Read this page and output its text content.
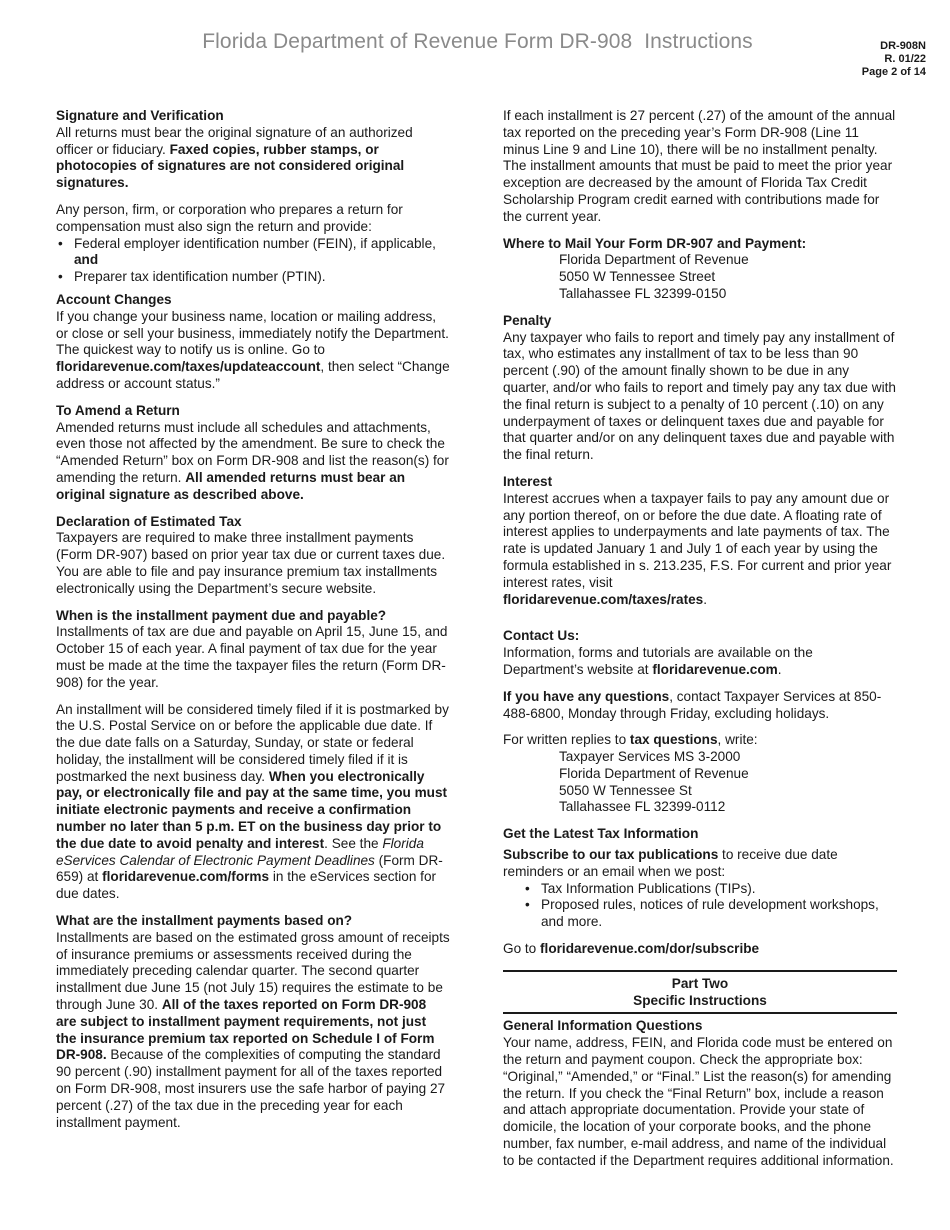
Florida Department of Revenue Form DR-908  Instructions	DR-908N
R. 01/22
Page 2 of 14
Signature and Verification

All returns must bear the original signature of an authorized officer or fiduciary. Faxed copies, rubber stamps, or photocopies of signatures are not considered original signatures.

Any person, firm, or corporation who prepares a return for compensation must also sign the return and provide:

• Federal employer identification number (FEIN), if applicable, and
• Preparer tax identification number (PTIN).
Account Changes

If you change your business name, location or mailing address, or close or sell your business, immediately notify the Department. The quickest way to notify us is online. Go to floridarevenue.com/taxes/updateaccount, then select “Change address or account status.”

To Amend a Return

Amended returns must include all schedules and attachments, even those not affected by the amendment. Be sure to check the “Amended Return” box on Form DR-908 and list the reason(s) for amending the return. All amended returns must bear an original signature as described above.

Declaration of Estimated Tax

Taxpayers are required to make three installment payments (Form DR-907) based on prior year tax due or current taxes due. You are able to file and pay insurance premium tax installments electronically using the Department’s secure website.

When is the installment payment due and payable?

Installments of tax are due and payable on April 15, June 15, and October 15 of each year. A final payment of tax due for the year must be made at the time the taxpayer files the return (Form DR-908) for the year.

An installment will be considered timely filed if it is postmarked by the U.S. Postal Service on or before the applicable due date. If the due date falls on a Saturday, Sunday, or state or federal holiday, the installment will be considered timely filed if it is postmarked the next business day. When you electronically pay, or electronically file and pay at the same time, you must initiate electronic payments and receive a confirmation number no later than 5 p.m. ET on the business day prior to the due date to avoid penalty and interest. See the Florida eServices Calendar of Electronic Payment Deadlines (Form DR-659) at floridarevenue.com/forms in the eServices section for due dates.

What are the installment payments based on?

Installments are based on the estimated gross amount of receipts of insurance premiums or assessments received during the immediately preceding calendar quarter. The second quarter installment due June 15 (not July 15) requires the estimate to be through June 30. All of the taxes reported on Form DR-908 are subject to installment payment requirements, not just the insurance premium tax reported on Schedule I of Form DR-908. Because of the complexities of computing the standard 90 percent (.90) installment payment for all of the taxes reported on Form DR-908, most insurers use the safe harbor of paying 27 percent (.27) of the tax due in the preceding year for each installment payment.

If each installment is 27 percent (.27) of the amount of the annual tax reported on the preceding year’s Form DR-908 (Line 11 minus Line 9 and Line 10), there will be no installment penalty. The installment amounts that must be paid to meet the prior year exception are decreased by the amount of Florida Tax Credit Scholarship Program credit earned with contributions made for the current year.

Where to Mail Your Form DR-907 and Payment:
Florida Department of Revenue
5050 W Tennessee Street
Tallahassee FL 32399-0150
Penalty

Any taxpayer who fails to report and timely pay any installment of tax, who estimates any installment of tax to be less than 90 percent (.90) of the amount finally shown to be due in any quarter, and/or who fails to report and timely pay any tax due with the final return is subject to a penalty of 10 percent (.10) on any underpayment of taxes or delinquent taxes due and payable for that quarter and/or on any delinquent taxes due and payable with the final return.

Interest

Interest accrues when a taxpayer fails to pay any amount due or any portion thereof, on or before the due date. A floating rate of interest applies to underpayments and late payments of tax. The rate is updated January 1 and July 1 of each year by using the formula established in s. 213.235, F.S. For current and prior year interest rates, visit
floridarevenue.com/taxes/rates.

Contact Us:

Information, forms and tutorials are available on the Department’s website at floridarevenue.com.

If you have any questions, contact Taxpayer Services at 850-488-6800, Monday through Friday, excluding holidays.

For written replies to tax questions, write:

Taxpayer Services MS 3-2000
Florida Department of Revenue
5050 W Tennessee St
Tallahassee FL 32399-0112
Get the Latest Tax Information

Subscribe to our tax publications to receive due date reminders or an email when we post:

• Tax Information Publications (TIPs).
• Proposed rules, notices of rule development workshops, and more.

Go to floridarevenue.com/dor/subscribe

Part Two
Specific Instructions
General Information Questions

Your name, address, FEIN, and Florida code must be entered on the return and payment coupon. Check the appropriate box: “Original,” “Amended,” or “Final.” List the reason(s) for amending the return. If you check the “Final Return” box, include a reason and attach appropriate documentation. Provide your state of domicile, the location of your corporate books, and the phone number, fax number, e-mail address, and name of the individual to be contacted if the Department requires additional information.
